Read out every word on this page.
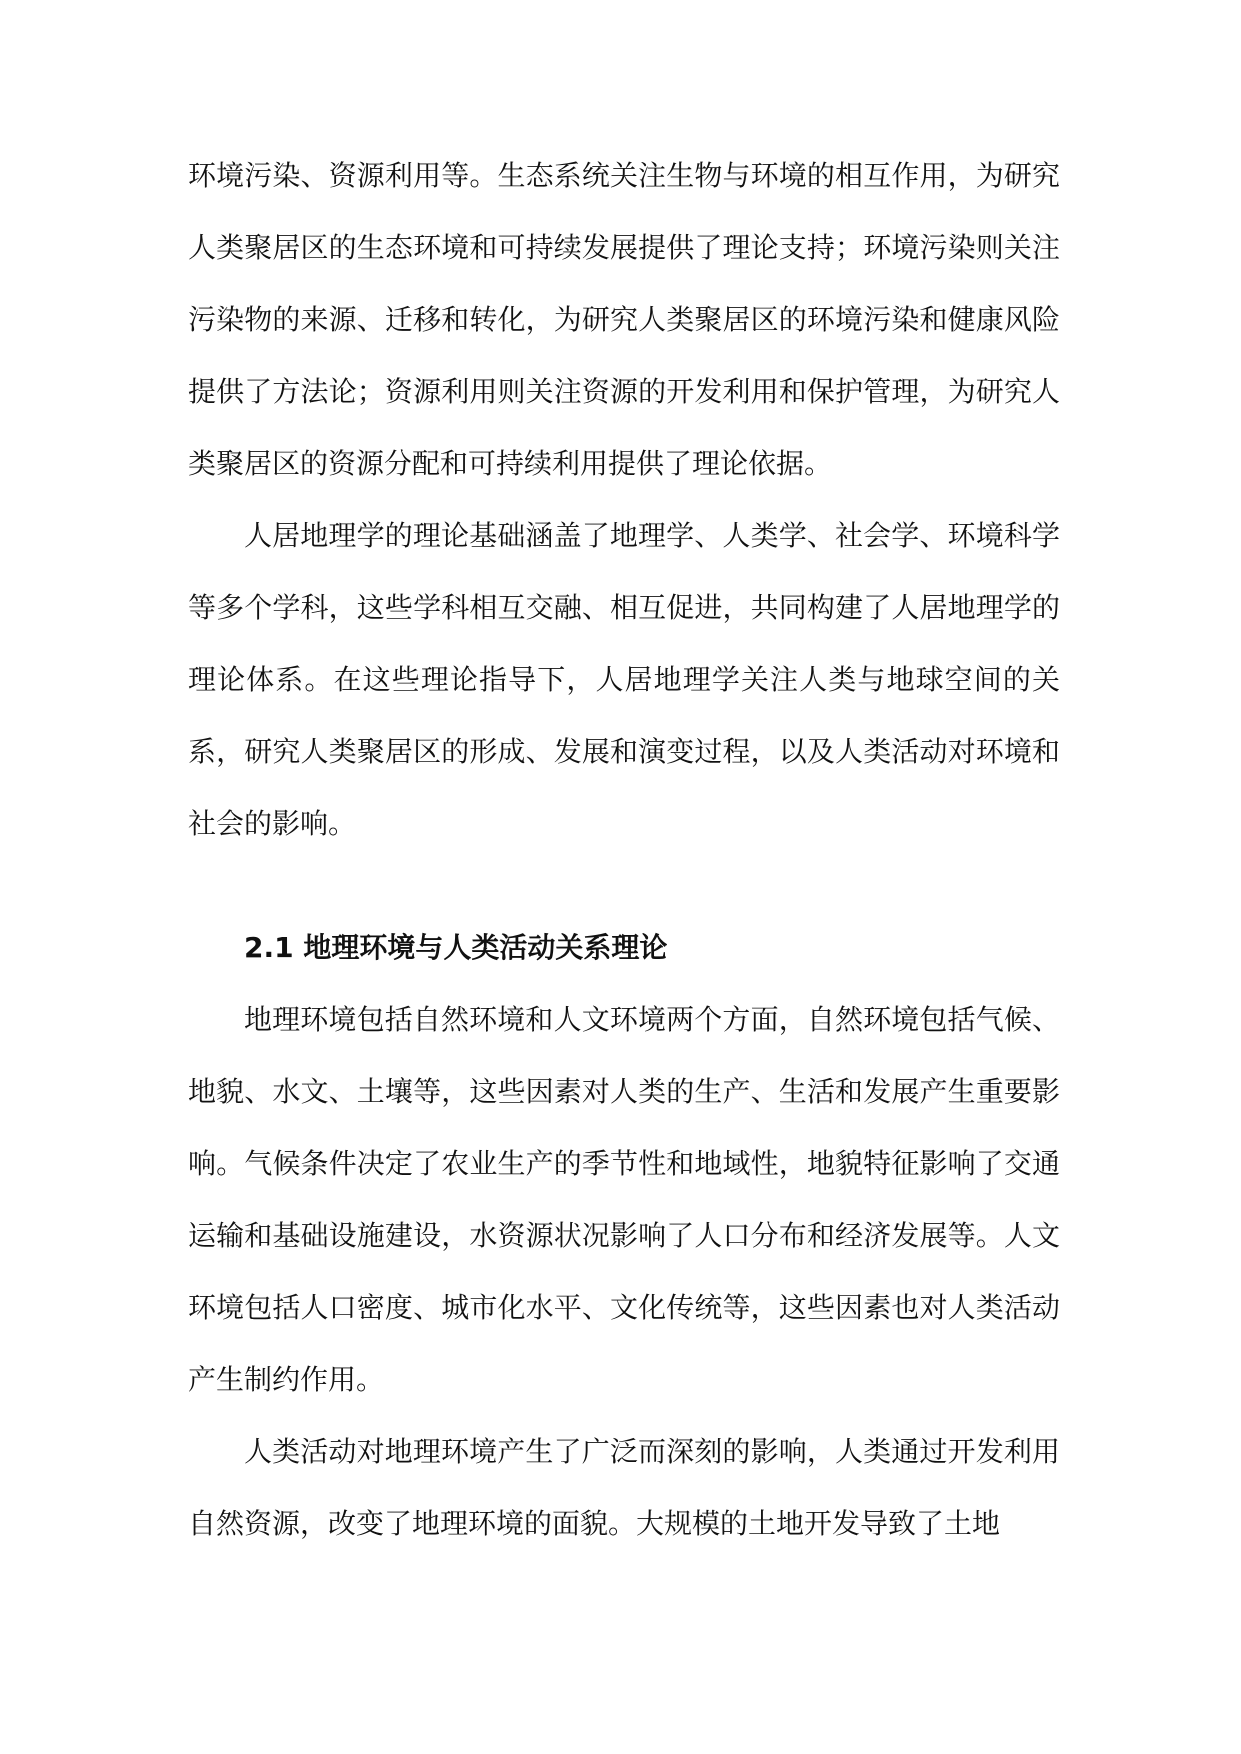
环境污染、资源利用等。生态系统关注生物与环境的相互作用，为研究人类聚居区的生态环境和可持续发展提供了理论支持；环境污染则关注污染物的来源、迁移和转化，为研究人类聚居区的环境污染和健康风险提供了方法论；资源利用则关注资源的开发利用和保护管理，为研究人类聚居区的资源分配和可持续利用提供了理论依据。

人居地理学的理论基础涵盖了地理学、人类学、社会学、环境科学等多个学科，这些学科相互交融、相互促进，共同构建了人居地理学的理论体系。在这些理论指导下，人居地理学关注人类与地球空间的关系，研究人类聚居区的形成、发展和演变过程，以及人类活动对环境和社会的影响。

2.1 地理环境与人类活动关系理论

地理环境包括自然环境和人文环境两个方面，自然环境包括气候、地貌、水文、土壤等，这些因素对人类的生产、生活和发展产生重要影响。气候条件决定了农业生产的季节性和地域性，地貌特征影响了交通运输和基础设施建设，水资源状况影响了人口分布和经济发展等。人文环境包括人口密度、城市化水平、文化传统等，这些因素也对人类活动产生制约作用。

人类活动对地理环境产生了广泛而深刻的影响，人类通过开发利用自然资源，改变了地理环境的面貌。大规模的土地开发导致了土地
